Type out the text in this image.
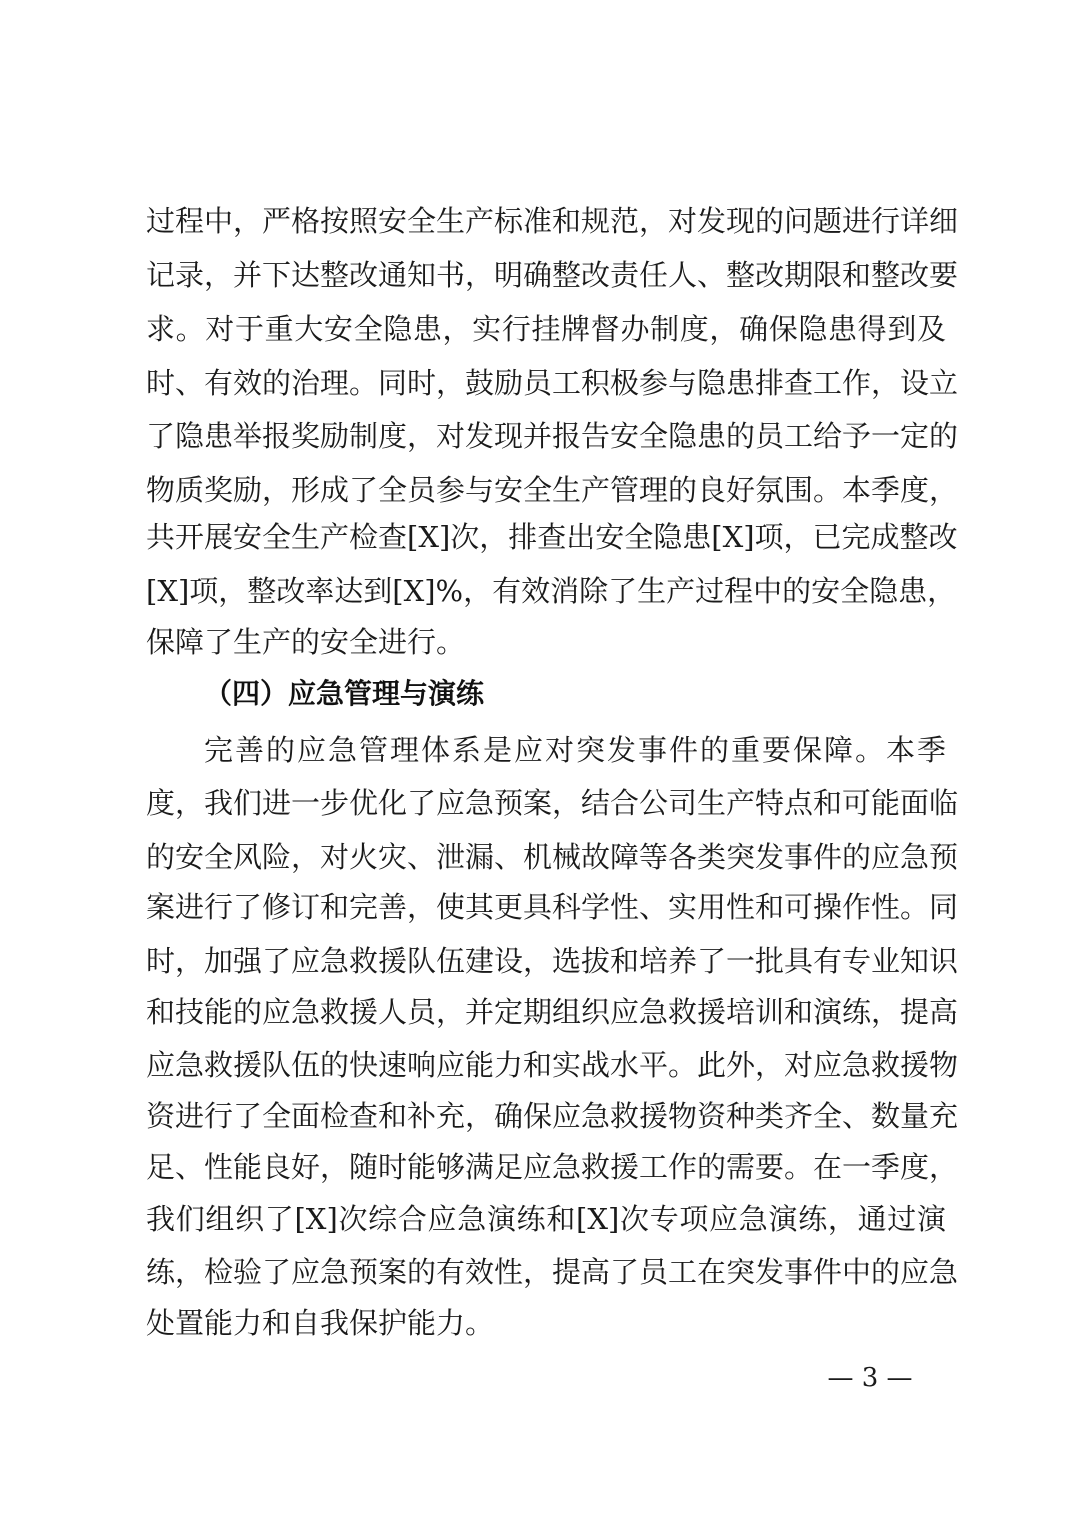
过程中，严格按照安全生产标准和规范，对发现的问题进行详细
记录，并下达整改通知书，明确整改责任人、整改期限和整改要
求。对于重大安全隐患，实行挂牌督办制度，确保隐患得到及
时、有效的治理。同时，鼓励员工积极参与隐患排查工作，设立
了隐患举报奖励制度，对发现并报告安全隐患的员工给予一定的
物质奖励，形成了全员参与安全生产管理的良好氛围。本季度，
共开展安全生产检查[X]次，排查出安全隐患[X]项，已完成整改
[X]项，整改率达到[X]%，有效消除了生产过程中的安全隐患，
保障了生产的安全进行。
（四）应急管理与演练
完善的应急管理体系是应对突发事件的重要保障。本季
度，我们进一步优化了应急预案，结合公司生产特点和可能面临
的安全风险，对火灾、泄漏、机械故障等各类突发事件的应急预
案进行了修订和完善，使其更具科学性、实用性和可操作性。同
时，加强了应急救援队伍建设，选拔和培养了一批具有专业知识
和技能的应急救援人员，并定期组织应急救援培训和演练，提高
应急救援队伍的快速响应能力和实战水平。此外，对应急救援物
资进行了全面检查和补充，确保应急救援物资种类齐全、数量充
足、性能良好，随时能够满足应急救援工作的需要。在一季度，
我们组织了[X]次综合应急演练和[X]次专项应急演练，通过演
练，检验了应急预案的有效性，提高了员工在突发事件中的应急
处置能力和自我保护能力。
— 3 —
